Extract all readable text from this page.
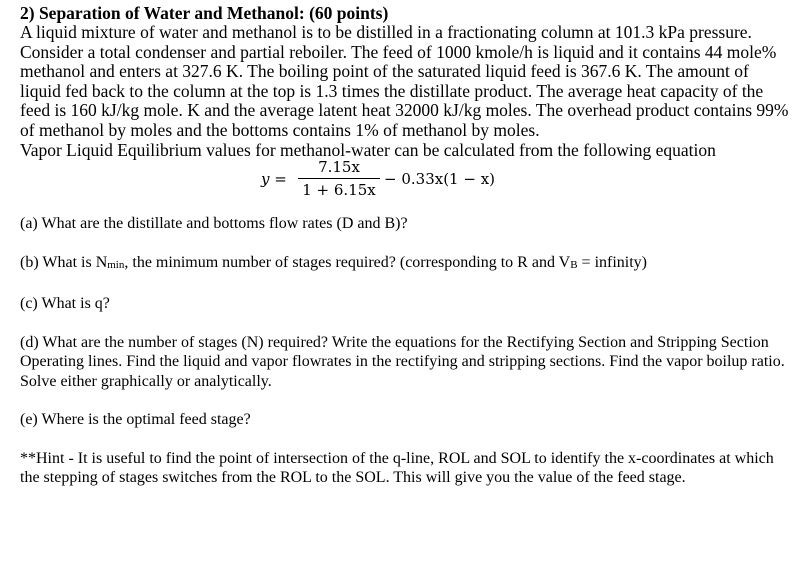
2) Separation of Water and Methanol: (60 points)

A liquid mixture of water and methanol is to be distilled in a fractionating column at 101.3 kPa pressure. Consider a total condenser and partial reboiler. The feed of 1000 kmole/h is liquid and it contains 44 mole% methanol and enters at 327.6 K. The boiling point of the saturated liquid feed is 367.6 K. The amount of liquid fed back to the column at the top is 1.3 times the distillate product. The average heat capacity of the feed is 160 kJ/kg mole. K and the average latent heat 32000 kJ/kg moles. The overhead product contains 99% of methanol by moles and the bottoms contains 1% of methanol by moles.

Vapor Liquid Equilibrium values for methanol-water can be calculated from the following equation

y =
7.15x
1 + 6.15x
− 0.33x(1 − x)

(a) What are the distillate and bottoms flow rates (D and B)?

(b) What is $N_{min}$, the minimum number of stages required? (corresponding to R and $V_B$ = infinity)

(c) What is q?

(d) What are the number of stages (N) required? Write the equations for the Rectifying Section and Stripping Section Operating lines. Find the liquid and vapor flowrates in the rectifying and stripping sections. Find the vapor boilup ratio. Solve either graphically or analytically.

(e) Where is the optimal feed stage?

**Hint - It is useful to find the point of intersection of the q-line, ROL and SOL to identify the x-coordinates at which the stepping of stages switches from the ROL to the SOL. This will give you the value of the feed stage.
